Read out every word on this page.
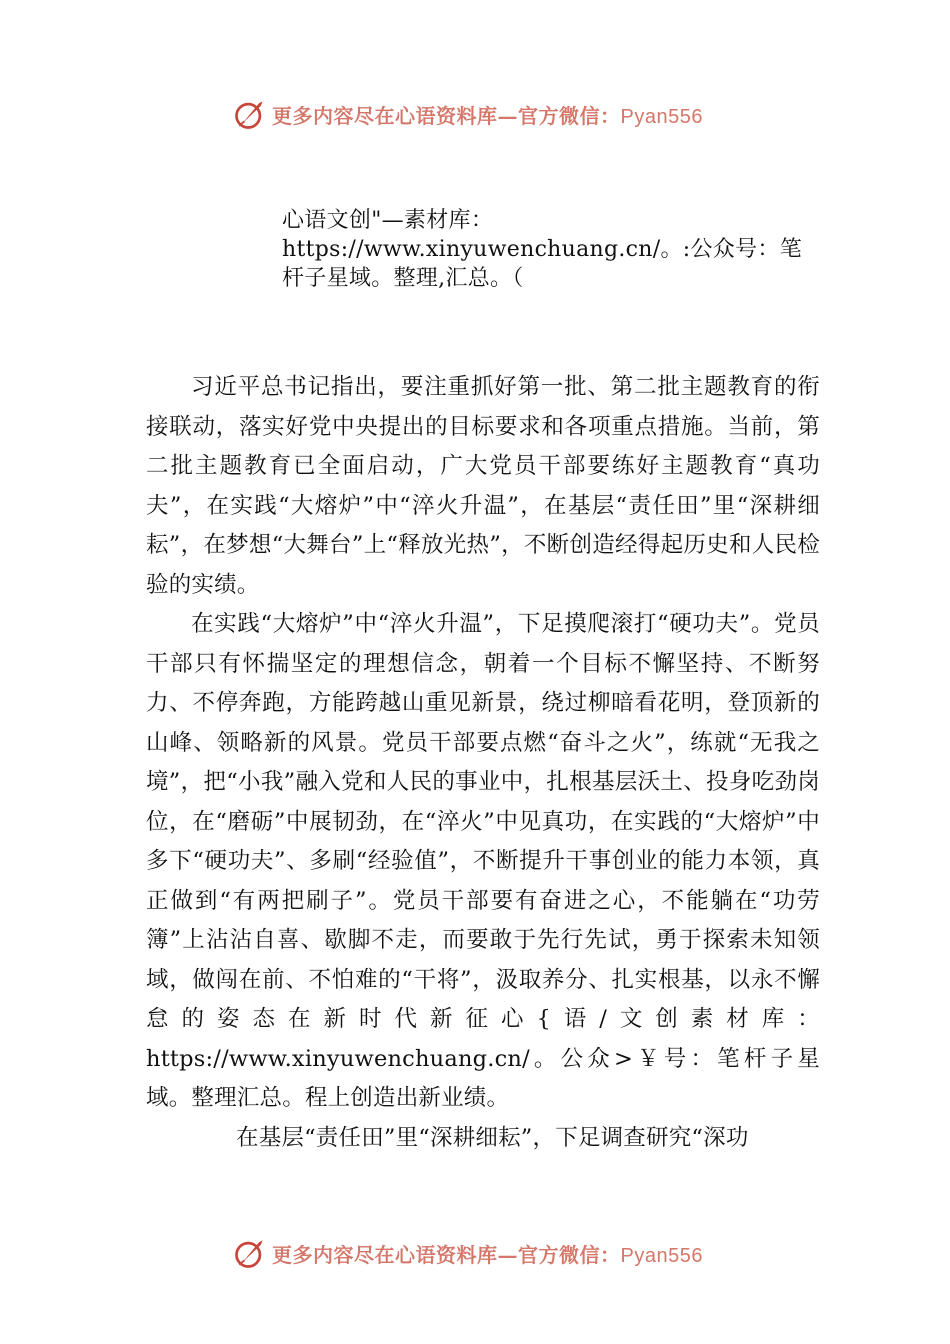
更多内容尽在心语资料库—官方微信：Pyan556
心语文创"—素材库：https://www.xinyuwenchuang.cn/。:公众号：笔杆子星域。整理,汇总。（

习近平总书记指出，要注重抓好第一批、第二批主题教育的衔接联动，落实好党中央提出的目标要求和各项重点措施。当前，第二批主题教育已全面启动，广大党员干部要练好主题教育“真功夫”，在实践“大熔炉”中“淬火升温”，在基层“责任田”里“深耕细耘”，在梦想“大舞台”上“释放光热”，不断创造经得起历史和人民检验的实绩。

在实践“大熔炉”中“淬火升温”，下足摸爬滚打“硬功夫”。党员干部只有怀揣坚定的理想信念，朝着一个目标不懈坚持、不断努力、不停奔跑，方能跨越山重见新景，绕过柳暗看花明，登顶新的山峰、领略新的风景。党员干部要点燃“奋斗之火”，练就“无我之境”，把“小我”融入党和人民的事业中，扎根基层沃土、投身吃劲岗位，在“磨砺”中展韧劲，在“淬火”中见真功，在实践的“大熔炉”中多下“硬功夫”、多刷“经验值”，不断提升干事创业的能力本领，真正做到“有两把刷子”。党员干部要有奋进之心，不能躺在“功劳簿”上沾沾自喜、歇脚不走，而要敢于先行先试，勇于探索未知领域，做闯在前、不怕难的“干将”，汲取养分、扎实根基，以永不懈怠的姿态在新时代新征心{语/文创素材库：https://www.xinyuwenchuang.cn/。公众>￥号：笔杆子星域。整理汇总。程上创造出新业绩。

在基层“责任田”里“深耕细耘”，下足调查研究“深功

更多内容尽在心语资料库—官方微信：Pyan556
